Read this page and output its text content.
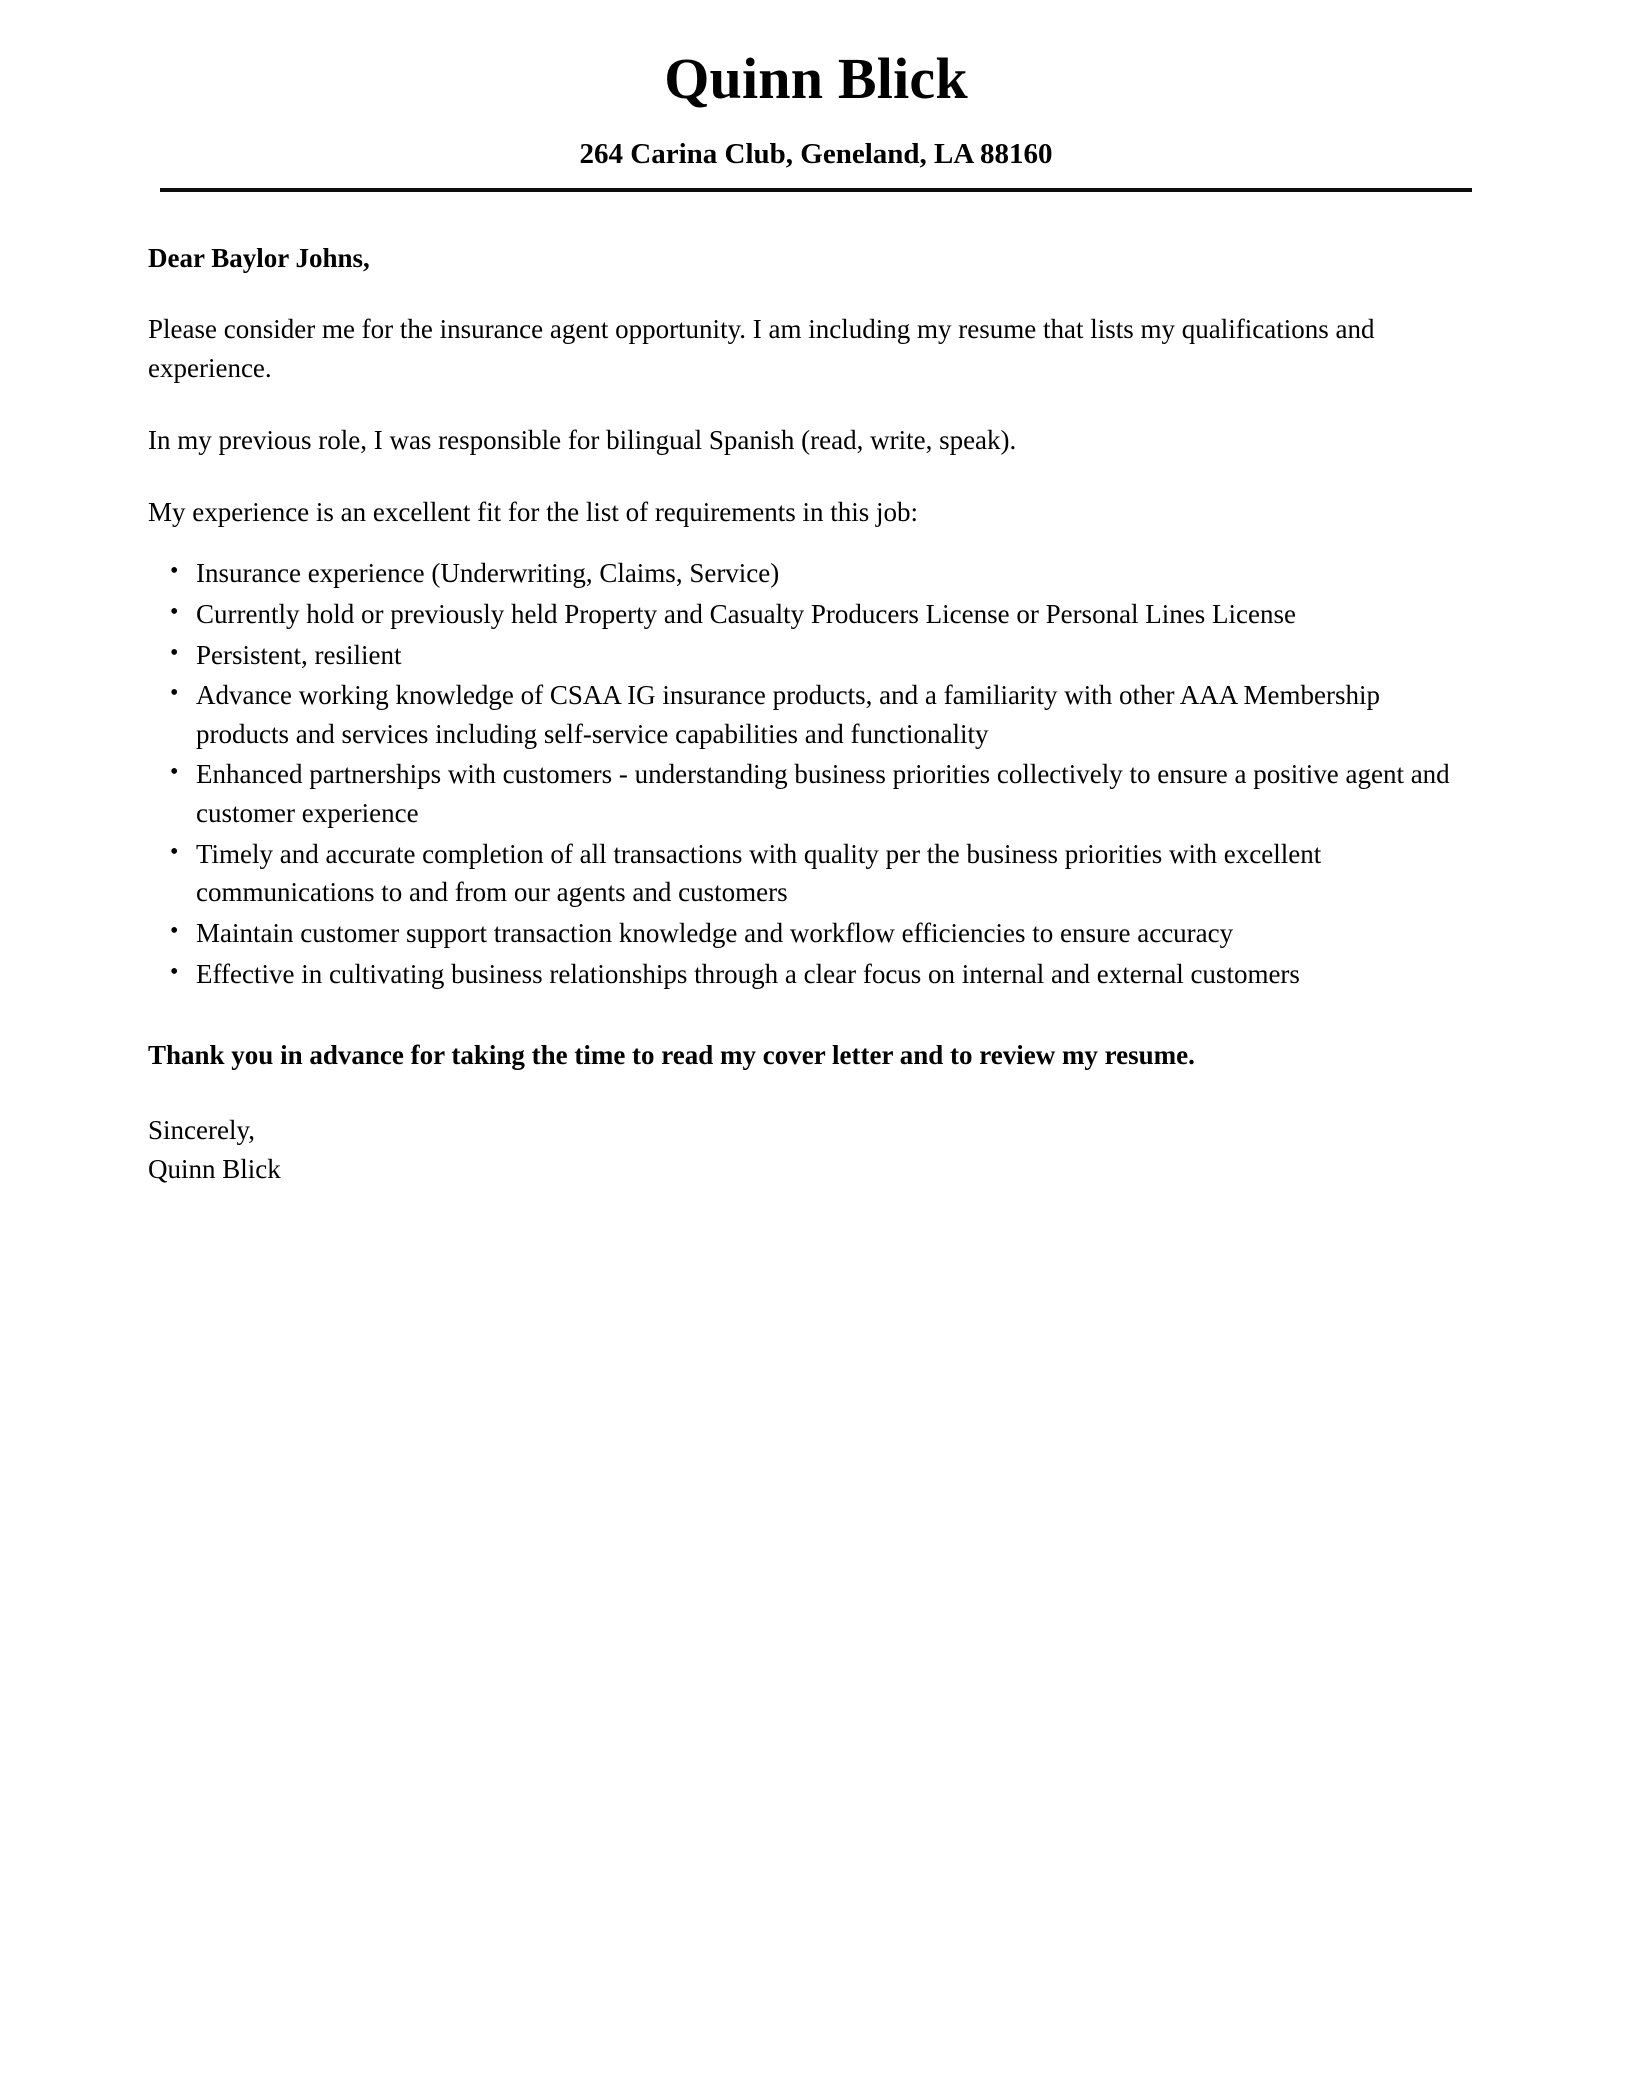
Quinn Blick
264 Carina Club, Geneland, LA 88160

Dear Baylor Johns,

Please consider me for the insurance agent opportunity. I am including my resume that lists my qualifications and experience.

In my previous role, I was responsible for bilingual Spanish (read, write, speak).

My experience is an excellent fit for the list of requirements in this job:

• Insurance experience (Underwriting, Claims, Service)
• Currently hold or previously held Property and Casualty Producers License or Personal Lines License
• Persistent, resilient
• Advance working knowledge of CSAA IG insurance products, and a familiarity with other AAA Membership products and services including self-service capabilities and functionality
• Enhanced partnerships with customers - understanding business priorities collectively to ensure a positive agent and customer experience
• Timely and accurate completion of all transactions with quality per the business priorities with excellent communications to and from our agents and customers
• Maintain customer support transaction knowledge and workflow efficiencies to ensure accuracy
• Effective in cultivating business relationships through a clear focus on internal and external customers

Thank you in advance for taking the time to read my cover letter and to review my resume.

Sincerely,
Quinn Blick
